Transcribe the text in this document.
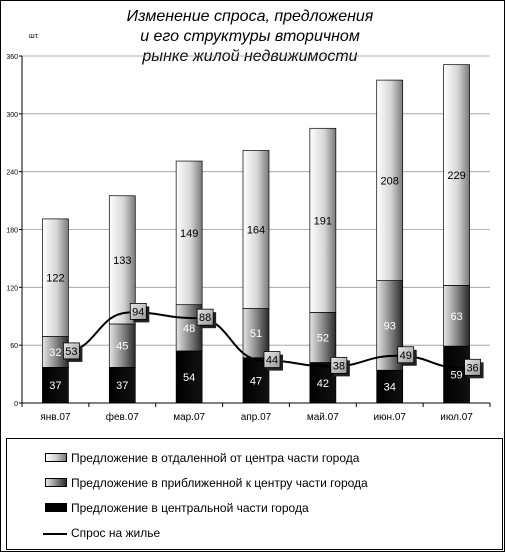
Изменение спроса, предложения
и его структуры вторичном
рынке жилой недвижимости
0
60
120
180
240
300
360
шт.
янв.07	фев.07	мар.07	апр.07	май.07	июн.07	июл.07
37
32
122
37
45
133
54
48
149
47
51
164
42
52
191
34
93
208
59
63
229
53
94	88
44	38
49
36
Предложение в отдаленной от центра части города
Предложение в приближенной к центру части города
Предложение в центральной части города
Спрос на жилье
